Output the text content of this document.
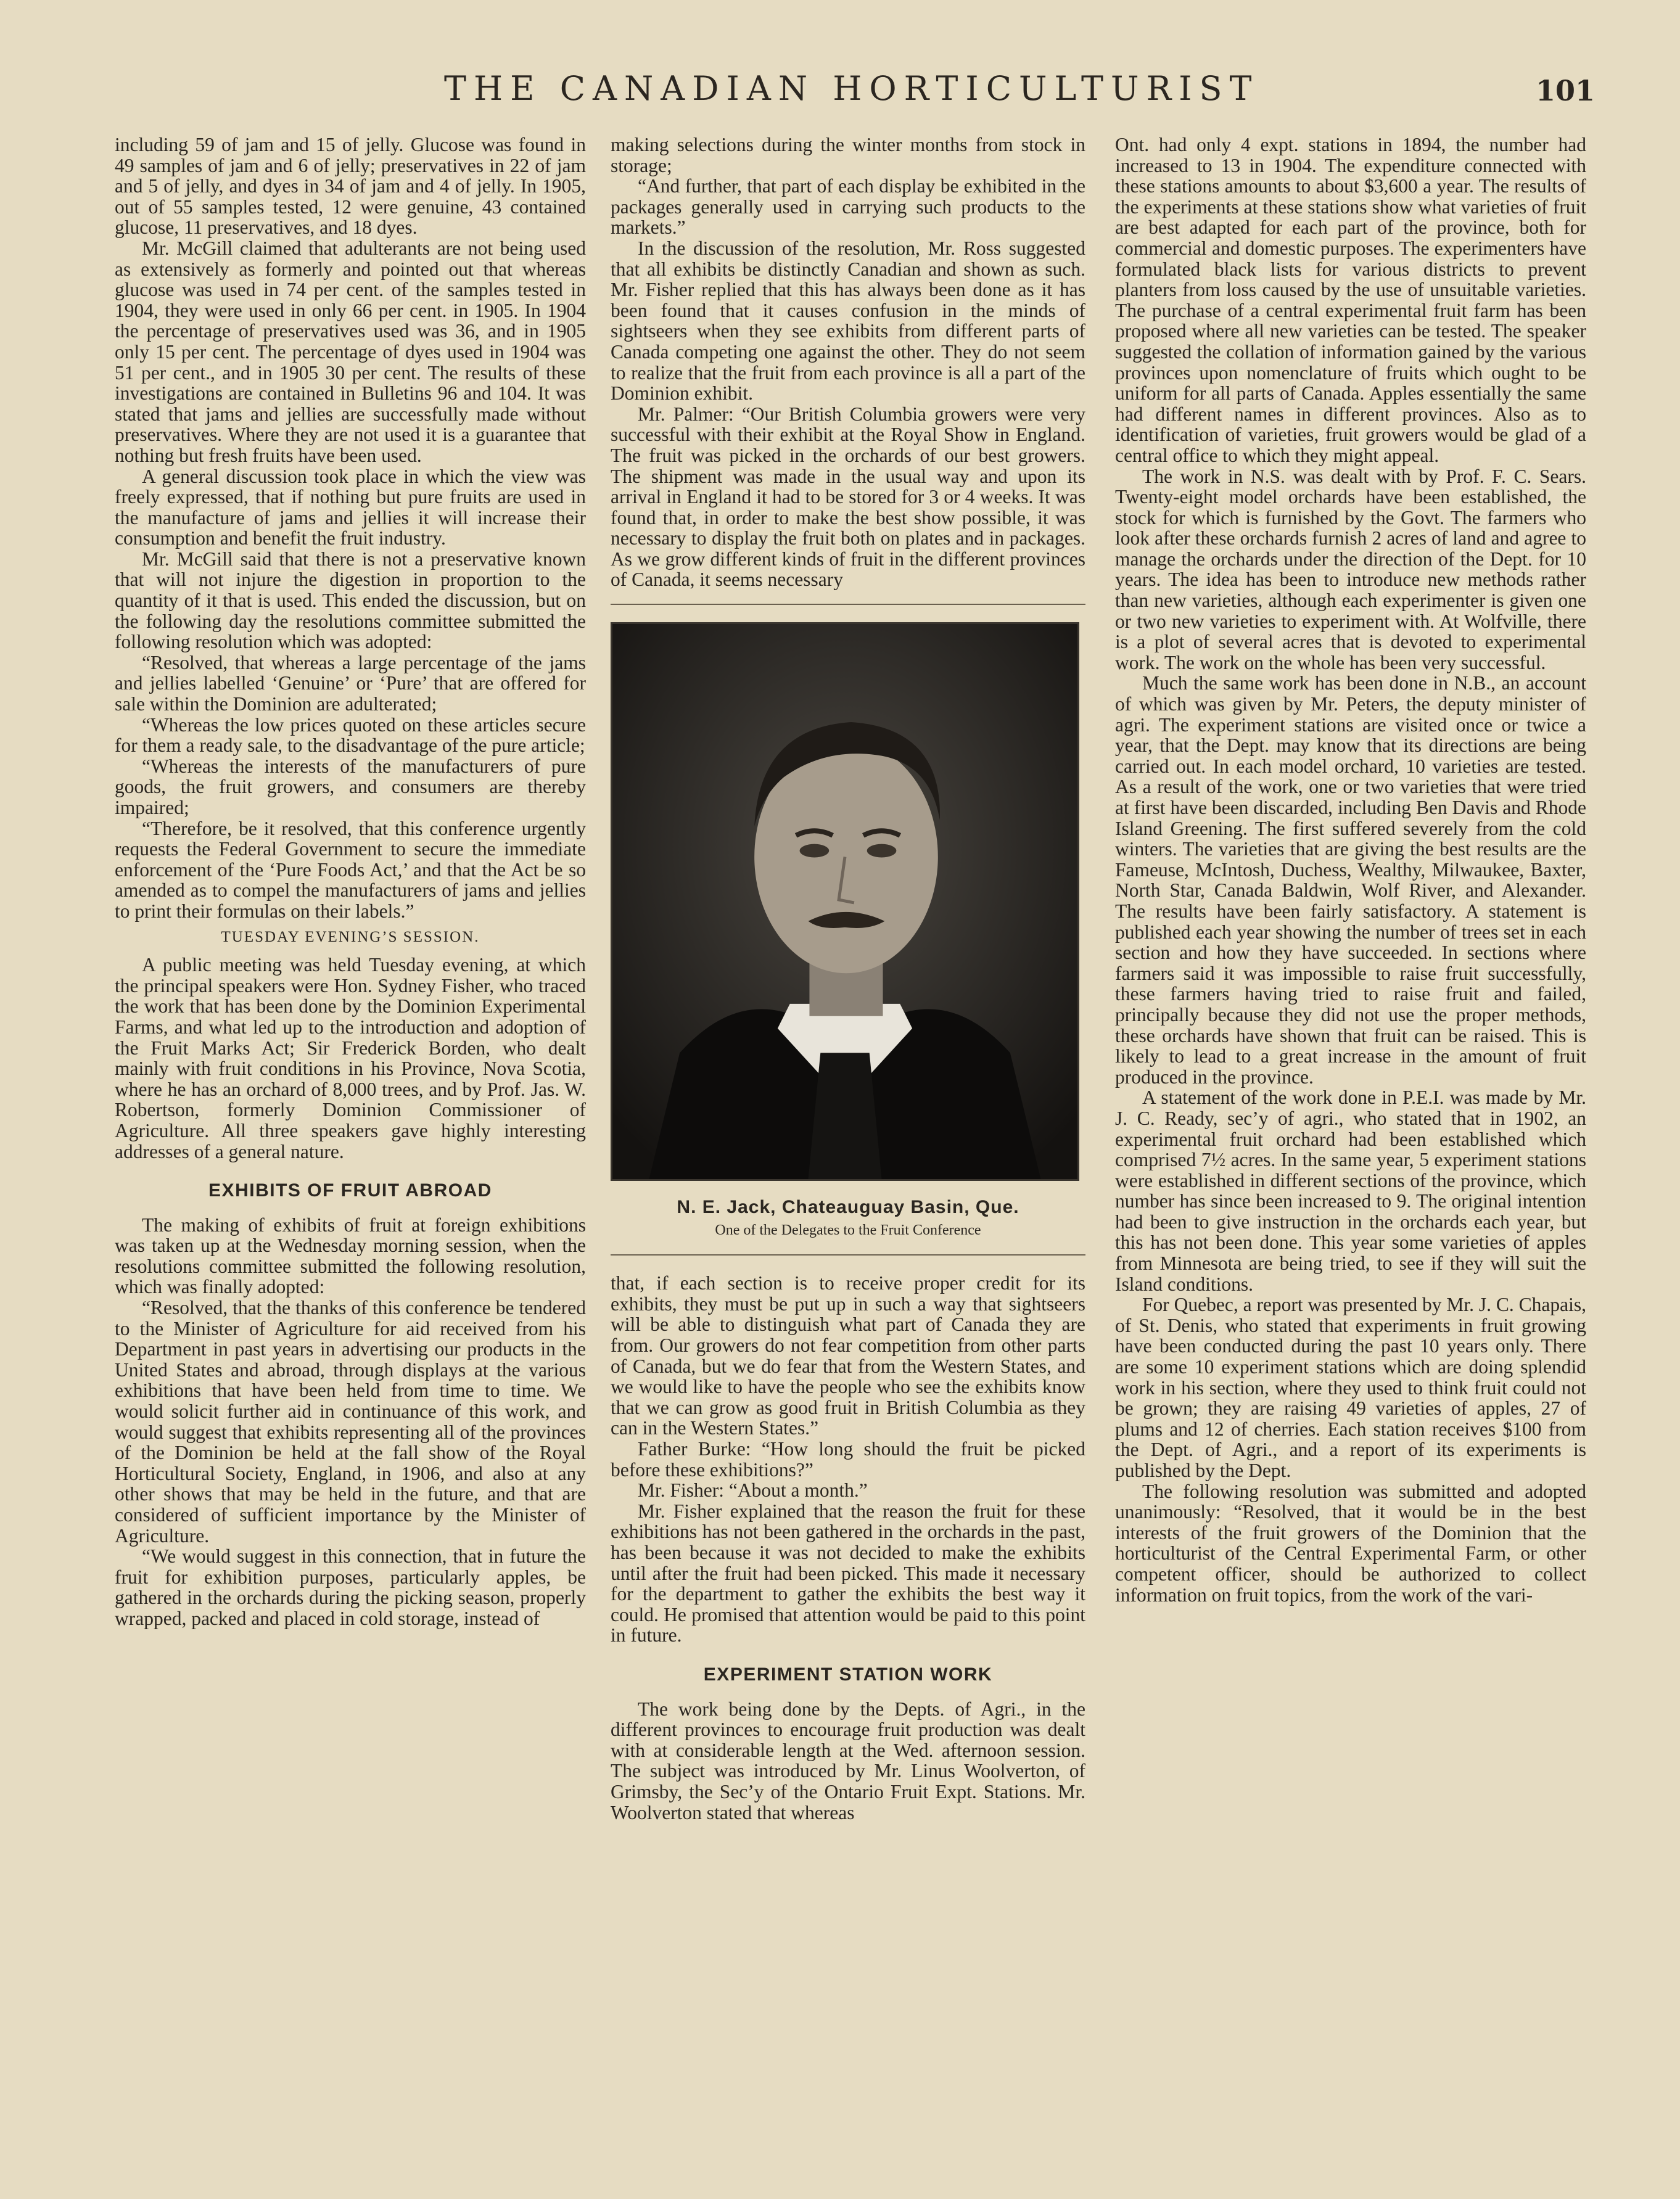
THE CANADIAN HORTICULTURIST	101

including 59 of jam and 15 of jelly. Glucose was found in 49 samples of jam and 6 of jelly; preservatives in 22 of jam and 5 of jelly, and dyes in 34 of jam and 4 of jelly. In 1905, out of 55 samples tested, 12 were genuine, 43 contained glucose, 11 preservatives, and 18 dyes.

Mr. McGill claimed that adulterants are not being used as extensively as formerly and pointed out that whereas glucose was used in 74 per cent. of the samples tested in 1904, they were used in only 66 per cent. in 1905. In 1904 the percentage of preservatives used was 36, and in 1905 only 15 per cent. The percentage of dyes used in 1904 was 51 per cent., and in 1905 30 per cent. The results of these investigations are contained in Bulletins 96 and 104. It was stated that jams and jellies are successfully made without preservatives. Where they are not used it is a guarantee that nothing but fresh fruits have been used.

A general discussion took place in which the view was freely expressed, that if nothing but pure fruits are used in the manufacture of jams and jellies it will increase their consumption and benefit the fruit industry.

Mr. McGill said that there is not a preservative known that will not injure the digestion in proportion to the quantity of it that is used. This ended the discussion, but on the following day the resolutions committee submitted the following resolution which was adopted:

“Resolved, that whereas a large percentage of the jams and jellies labelled ‘Genuine’ or ‘Pure’ that are offered for sale within the Dominion are adulterated;

“Whereas the low prices quoted on these articles secure for them a ready sale, to the disadvantage of the pure article;

“Whereas the interests of the manufacturers of pure goods, the fruit growers, and consumers are thereby impaired;

“Therefore, be it resolved, that this conference urgently requests the Federal Government to secure the immediate enforcement of the ‘Pure Foods Act,’ and that the Act be so amended as to compel the manufacturers of jams and jellies to print their formulas on their labels.”

TUESDAY EVENING’S SESSION.

A public meeting was held Tuesday evening, at which the principal speakers were Hon. Sydney Fisher, who traced the work that has been done by the Dominion Experimental Farms, and what led up to the introduction and adoption of the Fruit Marks Act; Sir Frederick Borden, who dealt mainly with fruit conditions in his Province, Nova Scotia, where he has an orchard of 8,000 trees, and by Prof. Jas. W. Robertson, formerly Dominion Commissioner of Agriculture. All three speakers gave highly interesting addresses of a general nature.

EXHIBITS OF FRUIT ABROAD

The making of exhibits of fruit at foreign exhibitions was taken up at the Wednesday morning session, when the resolutions committee submitted the following resolution, which was finally adopted:

“Resolved, that the thanks of this conference be tendered to the Minister of Agriculture for aid received from his Department in past years in advertising our products in the United States and abroad, through displays at the various exhibitions that have been held from time to time. We would solicit further aid in continuance of this work, and would suggest that exhibits representing all of the provinces of the Dominion be held at the fall show of the Royal Horticultural Society, England, in 1906, and also at any other shows that may be held in the future, and that are considered of sufficient importance by the Minister of Agriculture.

“We would suggest in this connection, that in future the fruit for exhibition purposes, particularly apples, be gathered in the orchards during the picking season, properly wrapped, packed and placed in cold storage, instead of

making selections during the winter months from stock in storage;

“And further, that part of each display be exhibited in the packages generally used in carrying such products to the markets.”

In the discussion of the resolution, Mr. Ross suggested that all exhibits be distinctly Canadian and shown as such. Mr. Fisher replied that this has always been done as it has been found that it causes confusion in the minds of sightseers when they see exhibits from different parts of Canada competing one against the other. They do not seem to realize that the fruit from each province is all a part of the Dominion exhibit.

Mr. Palmer: “Our British Columbia growers were very successful with their exhibit at the Royal Show in England. The fruit was picked in the orchards of our best growers. The shipment was made in the usual way and upon its arrival in England it had to be stored for 3 or 4 weeks. It was found that, in order to make the best show possible, it was necessary to display the fruit both on plates and in packages. As we grow different kinds of fruit in the different provinces of Canada, it seems necessary

N. E. Jack, Chateauguay Basin, Que.
One of the Delegates to the Fruit Conference

that, if each section is to receive proper credit for its exhibits, they must be put up in such a way that sightseers will be able to distinguish what part of Canada they are from. Our growers do not fear competition from other parts of Canada, but we do fear that from the Western States, and we would like to have the people who see the exhibits know that we can grow as good fruit in British Columbia as they can in the Western States.”

Father Burke: “How long should the fruit be picked before these exhibitions?”

Mr. Fisher: “About a month.”

Mr. Fisher explained that the reason the fruit for these exhibitions has not been gathered in the orchards in the past, has been because it was not decided to make the exhibits until after the fruit had been picked. This made it necessary for the department to gather the exhibits the best way it could. He promised that attention would be paid to this point in future.

EXPERIMENT STATION WORK

The work being done by the Depts. of Agri., in the different provinces to encourage fruit production was dealt with at considerable length at the Wed. afternoon session. The subject was introduced by Mr. Linus Woolverton, of Grimsby, the Sec’y of the Ontario Fruit Expt. Stations. Mr. Woolverton stated that whereas

Ont. had only 4 expt. stations in 1894, the number had increased to 13 in 1904. The expenditure connected with these stations amounts to about $3,600 a year. The results of the experiments at these stations show what varieties of fruit are best adapted for each part of the province, both for commercial and domestic purposes. The experimenters have formulated black lists for various districts to prevent planters from loss caused by the use of unsuitable varieties. The purchase of a central experimental fruit farm has been proposed where all new varieties can be tested. The speaker suggested the collation of information gained by the various provinces upon nomenclature of fruits which ought to be uniform for all parts of Canada. Apples essentially the same had different names in different provinces. Also as to identification of varieties, fruit growers would be glad of a central office to which they might appeal.

The work in N.S. was dealt with by Prof. F. C. Sears. Twenty-eight model orchards have been established, the stock for which is furnished by the Govt. The farmers who look after these orchards furnish 2 acres of land and agree to manage the orchards under the direction of the Dept. for 10 years. The idea has been to introduce new methods rather than new varieties, although each experimenter is given one or two new varieties to experiment with. At Wolfville, there is a plot of several acres that is devoted to experimental work. The work on the whole has been very successful.

Much the same work has been done in N.B., an account of which was given by Mr. Peters, the deputy minister of agri. The experiment stations are visited once or twice a year, that the Dept. may know that its directions are being carried out. In each model orchard, 10 varieties are tested. As a result of the work, one or two varieties that were tried at first have been discarded, including Ben Davis and Rhode Island Greening. The first suffered severely from the cold winters. The varieties that are giving the best results are the Fameuse, McIntosh, Duchess, Wealthy, Milwaukee, Baxter, North Star, Canada Baldwin, Wolf River, and Alexander. The results have been fairly satisfactory. A statement is published each year showing the number of trees set in each section and how they have succeeded. In sections where farmers said it was impossible to raise fruit successfully, these farmers having tried to raise fruit and failed, principally because they did not use the proper methods, these orchards have shown that fruit can be raised. This is likely to lead to a great increase in the amount of fruit produced in the province.

A statement of the work done in P.E.I. was made by Mr. J. C. Ready, sec’y of agri., who stated that in 1902, an experimental fruit orchard had been established which comprised 7½ acres. In the same year, 5 experiment stations were established in different sections of the province, which number has since been increased to 9. The original intention had been to give instruction in the orchards each year, but this has not been done. This year some varieties of apples from Minnesota are being tried, to see if they will suit the Island conditions.

For Quebec, a report was presented by Mr. J. C. Chapais, of St. Denis, who stated that experiments in fruit growing have been conducted during the past 10 years only. There are some 10 experiment stations which are doing splendid work in his section, where they used to think fruit could not be grown; they are raising 49 varieties of apples, 27 of plums and 12 of cherries. Each station receives $100 from the Dept. of Agri., and a report of its experiments is published by the Dept.

The following resolution was submitted and adopted unanimously: “Resolved, that it would be in the best interests of the fruit growers of the Dominion that the horticulturist of the Central Experimental Farm, or other competent officer, should be authorized to collect information on fruit topics, from the work of the vari-
